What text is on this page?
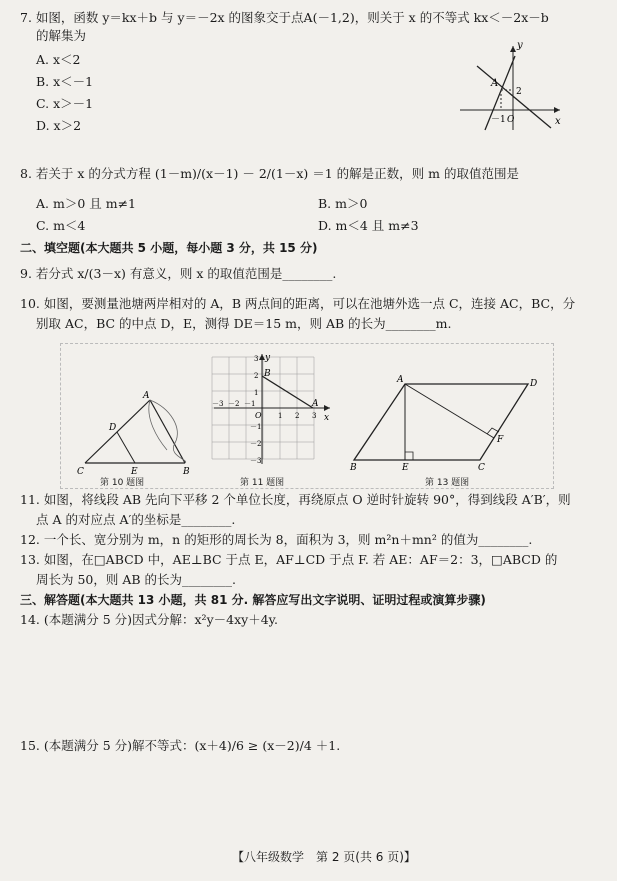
7. 如图，函数 y＝kx＋b 与 y＝－2x 的图象交于点A(－1,2)，则关于 x 的不等式 kx＜－2x－b
的解集为
A. x＜2
B. x＜－1
C. x＞－1
D. x＞2
y
x
A
2
－1 O
8. 若关于 x 的分式方程 (1－m)/(x－1) － 2/(1－x) ＝1 的解是正数，则 m 的取值范围是
A. m＞0 且 m≠1	B. m＞0
C. m＜4	D. m＜4 且 m≠3
二、填空题(本大题共 5 小题，每小题 3 分，共 15 分)
9. 若分式 x/(3－x) 有意义，则 x 的取值范围是________.
10. 如图，要测量池塘两岸相对的 A，B 两点间的距离，可以在池塘外选一点 C，连接 AC，BC，分
别取 AC，BC 的中点 D，E，测得 DE＝15 m，则 AB 的长为________m.
A
B
C
D
E
第 10 题图
B
A
x
y
O
－3 －2 －1
1 2 3
3
2
1
－1
－2
－3
第 11 题图
A	D
B	C
E
F
第 13 题图
11. 如图，将线段 AB 先向下平移 2 个单位长度，再绕原点 O 逆时针旋转 90°，得到线段 A′B′，则
点 A 的对应点 A′的坐标是________.
12. 一个长、宽分别为 m，n 的矩形的周长为 8，面积为 3，则 m²n＋mn² 的值为________.
13. 如图，在□ABCD 中，AE⊥BC 于点 E，AF⊥CD 于点 F. 若 AE：AF＝2：3，□ABCD 的
周长为 50，则 AB 的长为________.
三、解答题(本大题共 13 小题，共 81 分. 解答应写出文字说明、证明过程或演算步骤)
14. (本题满分 5 分)因式分解：x²y－4xy＋4y.
15. (本题满分 5 分)解不等式：(x＋4)/6 ≥ (x－2)/4 ＋1.
【八年级数学　第 2 页(共 6 页)】
